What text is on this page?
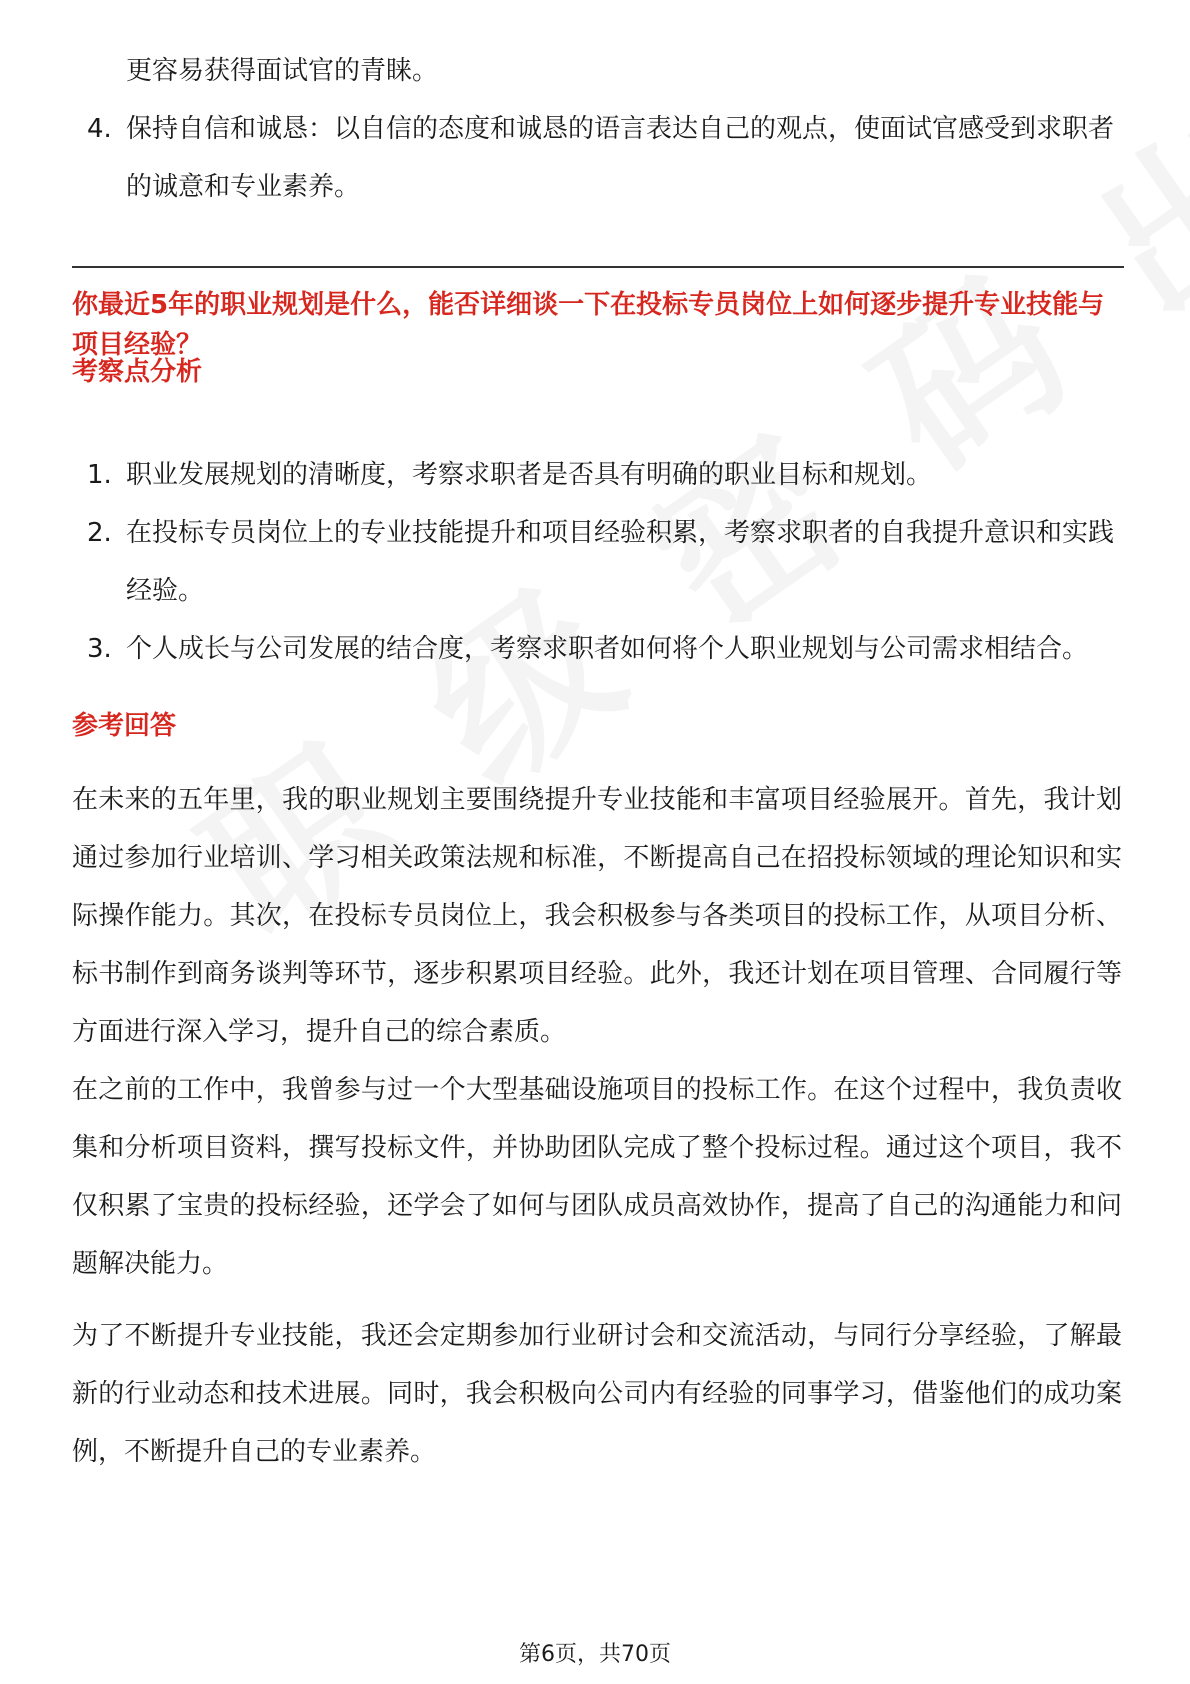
更容易获得面试官的青睐。
4. 保持自信和诚恳：以自信的态度和诚恳的语言表达自己的观点，使面试官感受到求职者的诚意和专业素养。
你最近5年的职业规划是什么，能否详细谈一下在投标专员岗位上如何逐步提升专业技能与项目经验？
考察点分析
1. 职业发展规划的清晰度，考察求职者是否具有明确的职业目标和规划。
2. 在投标专员岗位上的专业技能提升和项目经验积累，考察求职者的自我提升意识和实践经验。
3. 个人成长与公司发展的结合度，考察求职者如何将个人职业规划与公司需求相结合。
参考回答

在未来的五年里，我的职业规划主要围绕提升专业技能和丰富项目经验展开。首先，我计划通过参加行业培训、学习相关政策法规和标准，不断提高自己在招投标领域的理论知识和实际操作能力。其次，在投标专员岗位上，我会积极参与各类项目的投标工作，从项目分析、标书制作到商务谈判等环节，逐步积累项目经验。此外，我还计划在项目管理、合同履行等方面进行深入学习，提升自己的综合素质。

在之前的工作中，我曾参与过一个大型基础设施项目的投标工作。在这个过程中，我负责收集和分析项目资料，撰写投标文件，并协助团队完成了整个投标过程。通过这个项目，我不仅积累了宝贵的投标经验，还学会了如何与团队成员高效协作，提高了自己的沟通能力和问题解决能力。

为了不断提升专业技能，我还会定期参加行业研讨会和交流活动，与同行分享经验，了解最新的行业动态和技术进展。同时，我会积极向公司内有经验的同事学习，借鉴他们的成功案例，不断提升自己的专业素养。

第6页，共70页
